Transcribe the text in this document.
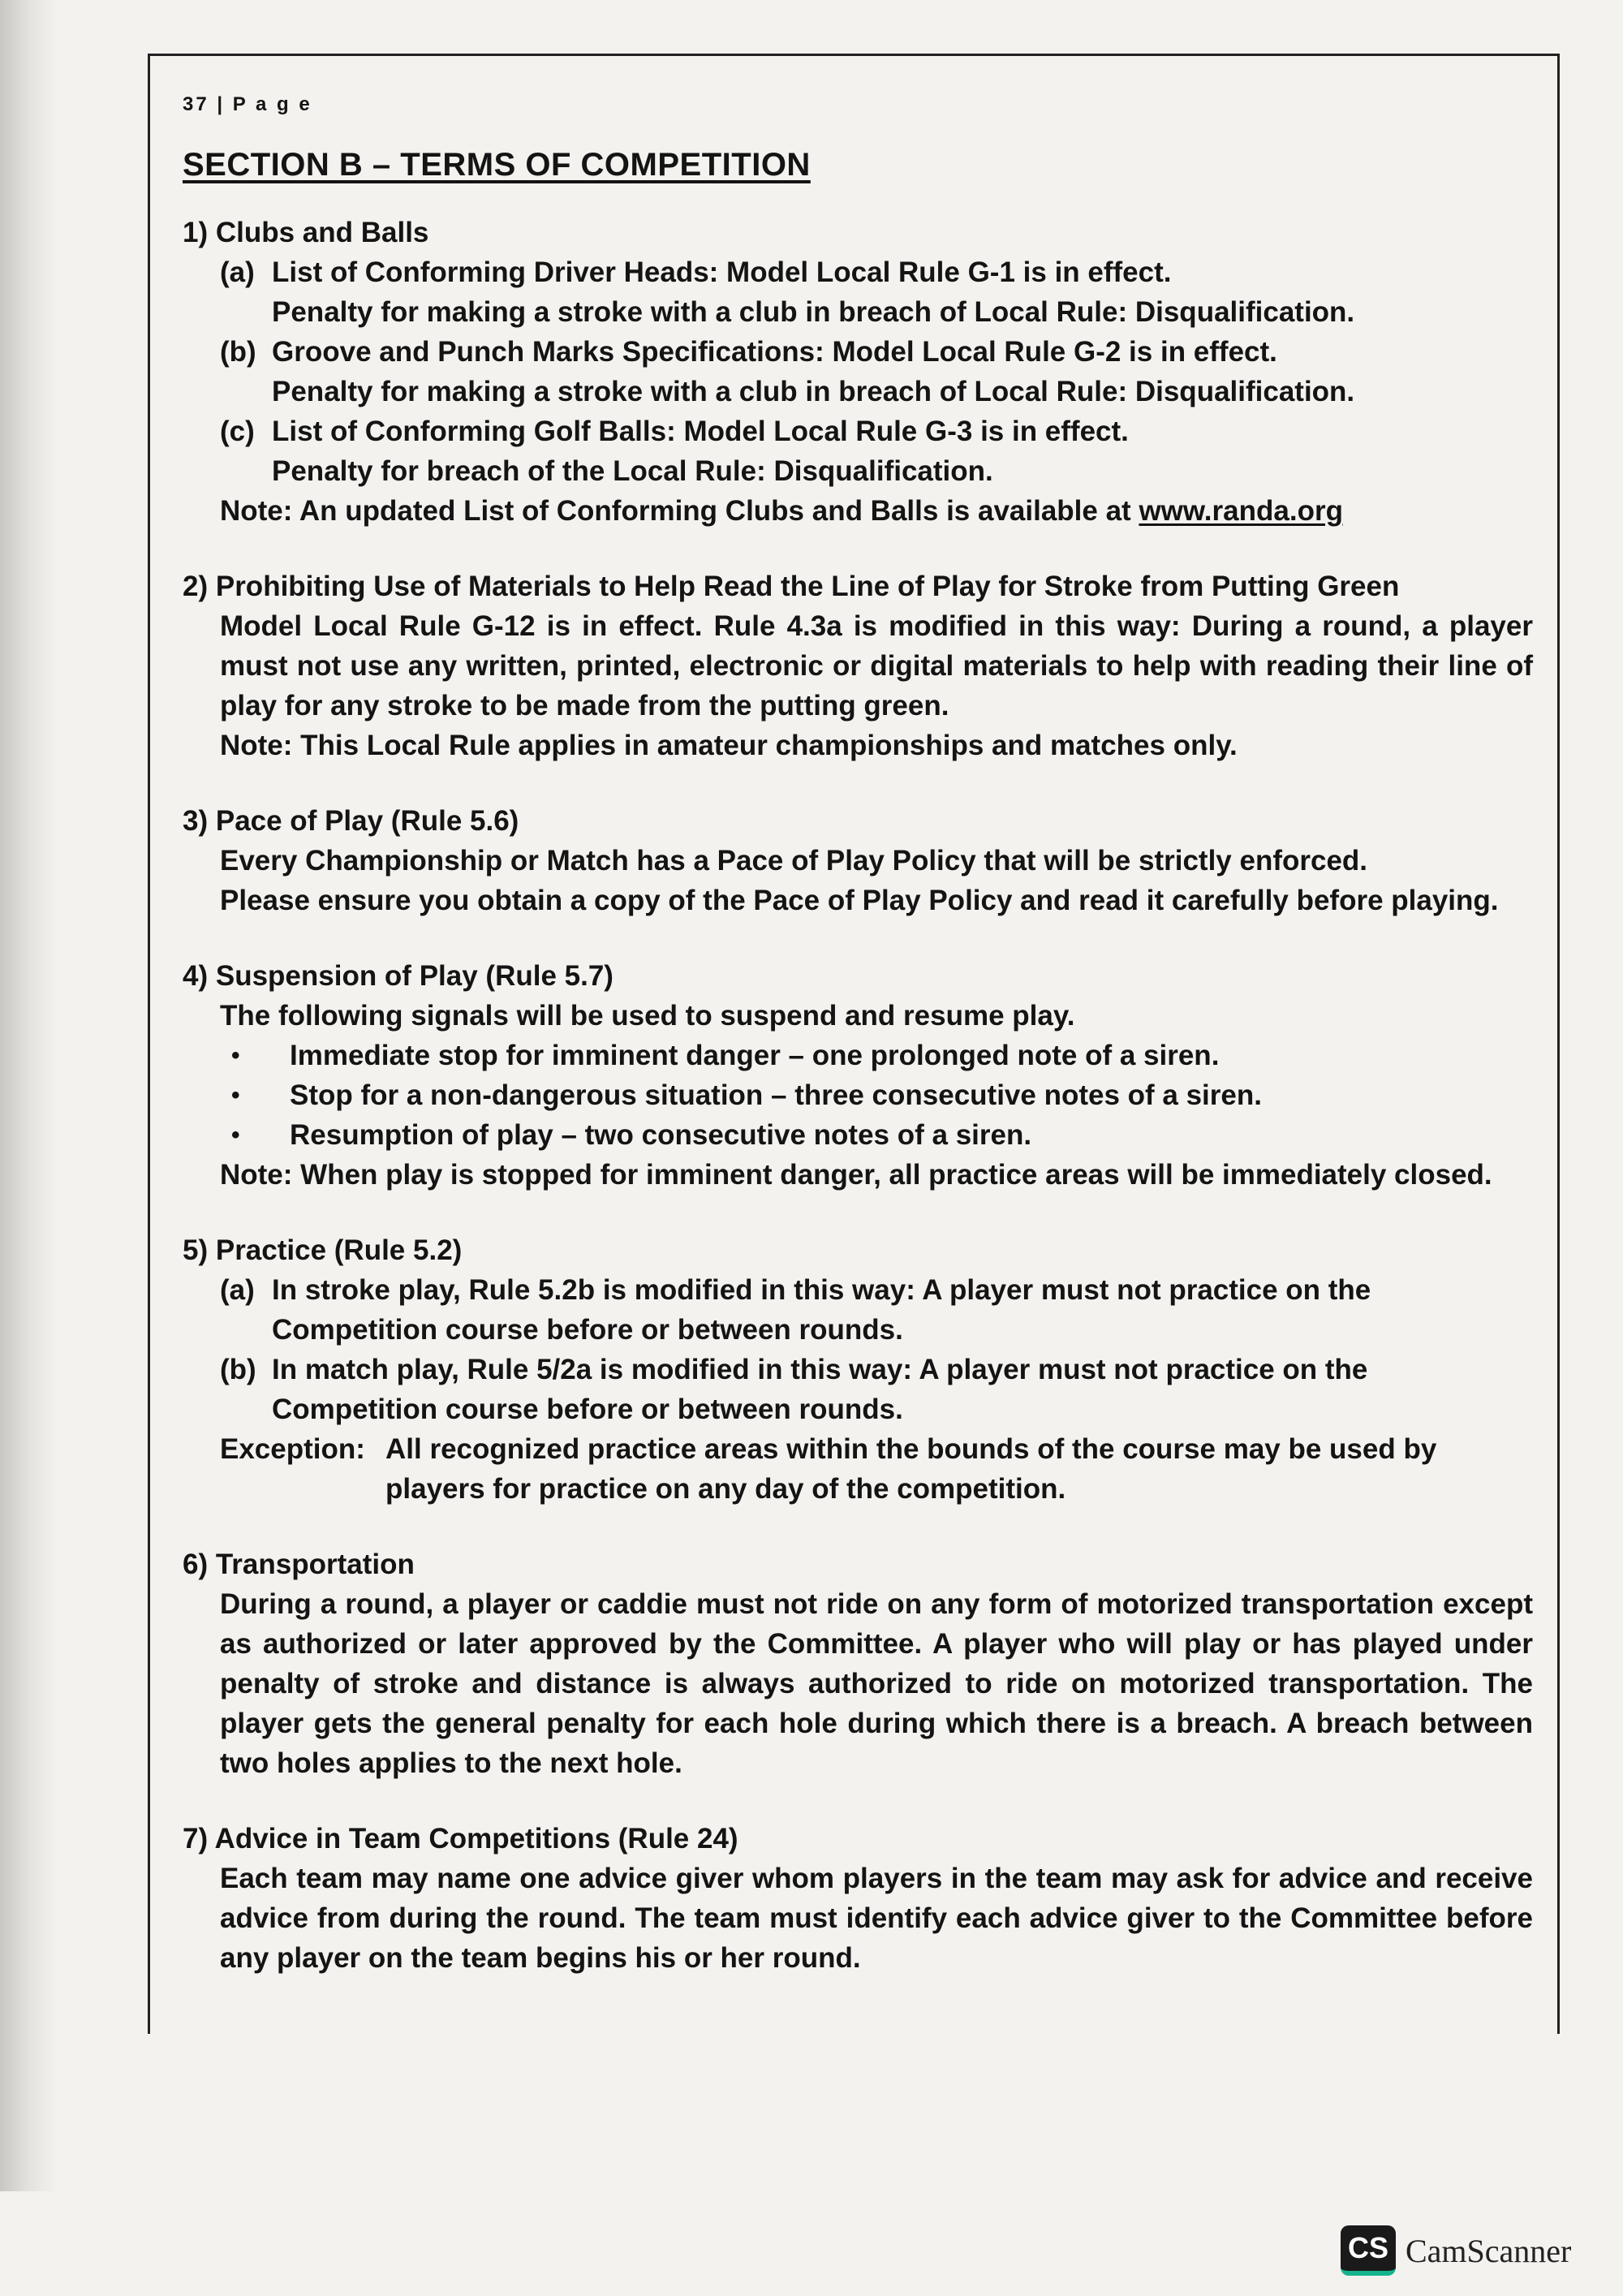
37 | P a g e
SECTION B – TERMS OF COMPETITION
1) Clubs and Balls
(a) List of Conforming Driver Heads: Model Local Rule G-1 is in effect.
Penalty for making a stroke with a club in breach of Local Rule: Disqualification.
(b) Groove and Punch Marks Specifications: Model Local Rule G-2 is in effect.
Penalty for making a stroke with a club in breach of Local Rule: Disqualification.
(c) List of Conforming Golf Balls: Model Local Rule G-3 is in effect.
Penalty for breach of the Local Rule: Disqualification.
Note: An updated List of Conforming Clubs and Balls is available at www.randa.org
2) Prohibiting Use of Materials to Help Read the Line of Play for Stroke from Putting Green
Model Local Rule G-12 is in effect. Rule 4.3a is modified in this way: During a round, a player must not use any written, printed, electronic or digital materials to help with reading their line of play for any stroke to be made from the putting green.
Note: This Local Rule applies in amateur championships and matches only.
3) Pace of Play (Rule 5.6)
Every Championship or Match has a Pace of Play Policy that will be strictly enforced.
Please ensure you obtain a copy of the Pace of Play Policy and read it carefully before playing.
4) Suspension of Play (Rule 5.7)
The following signals will be used to suspend and resume play.
•	Immediate stop for imminent danger – one prolonged note of a siren.
•	Stop for a non-dangerous situation – three consecutive notes of a siren.
•	Resumption of play – two consecutive notes of a siren.
Note: When play is stopped for imminent danger, all practice areas will be immediately closed.
5) Practice (Rule 5.2)
(a) In stroke play, Rule 5.2b is modified in this way: A player must not practice on the Competition course before or between rounds.
(b) In match play, Rule 5/2a is modified in this way: A player must not practice on the Competition course before or between rounds.
Exception: All recognized practice areas within the bounds of the course may be used by players for practice on any day of the competition.
6) Transportation
During a round, a player or caddie must not ride on any form of motorized transportation except as authorized or later approved by the Committee. A player who will play or has played under penalty of stroke and distance is always authorized to ride on motorized transportation. The player gets the general penalty for each hole during which there is a breach. A breach between two holes applies to the next hole.
7) Advice in Team Competitions (Rule 24)
Each team may name one advice giver whom players in the team may ask for advice and receive advice from during the round. The team must identify each advice giver to the Committee before any player on the team begins his or her round.
CS CamScanner
